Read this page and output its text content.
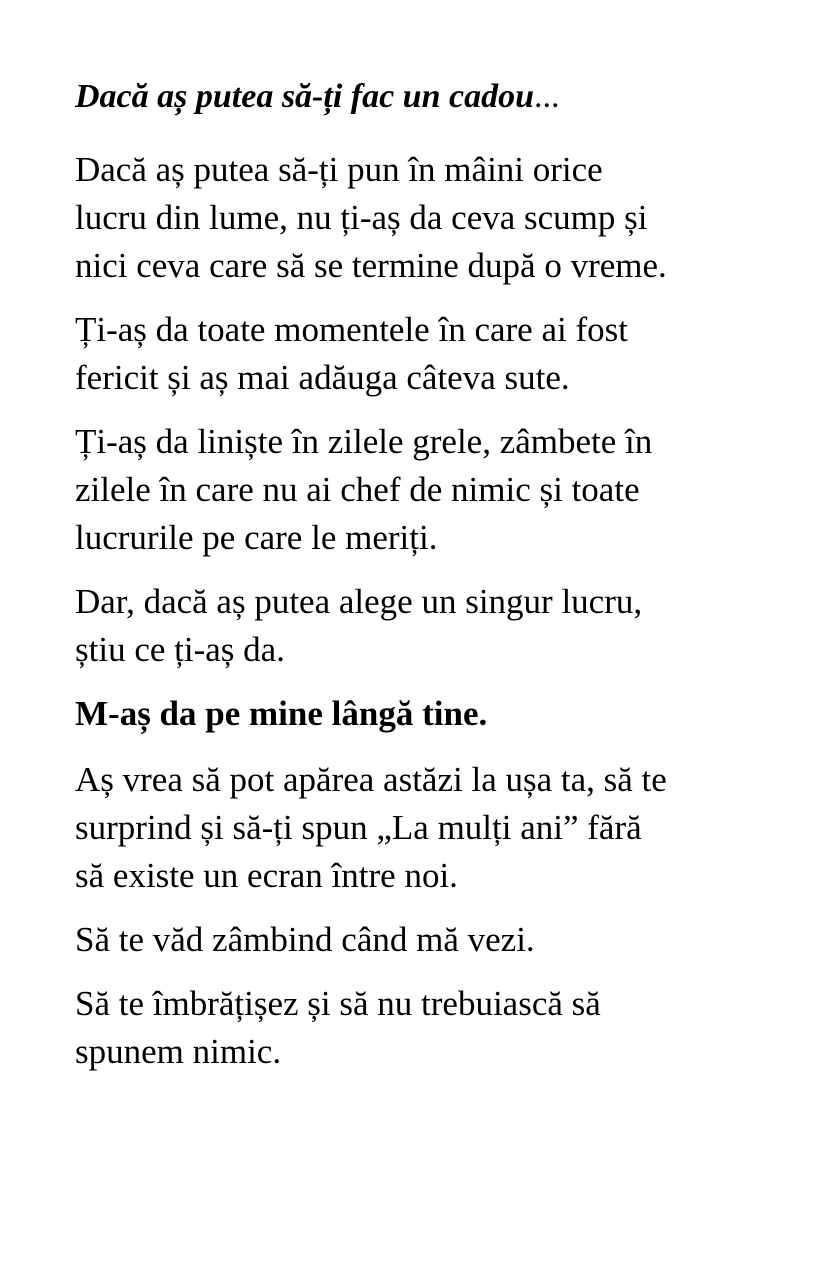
Dacă aș putea să-ți fac un cadou...

Dacă aș putea să-ți pun în mâini orice

lucru din lume, nu ți-aș da ceva scump și

nici ceva care să se termine după o vreme.

Ți-aș da toate momentele în care ai fost

fericit și aș mai adăuga câteva sute.

Ți-aș da liniște în zilele grele, zâmbete în

zilele în care nu ai chef de nimic și toate

lucrurile pe care le meriți.

Dar, dacă aș putea alege un singur lucru,

știu ce ți-aș da.

M-aș da pe mine lângă tine.

Aș vrea să pot apărea astăzi la ușa ta, să te

surprind și să-ți spun „La mulți ani” fără

să existe un ecran între noi.

Să te văd zâmbind când mă vezi.

Să te îmbrățișez și să nu trebuiască să

spunem nimic.
